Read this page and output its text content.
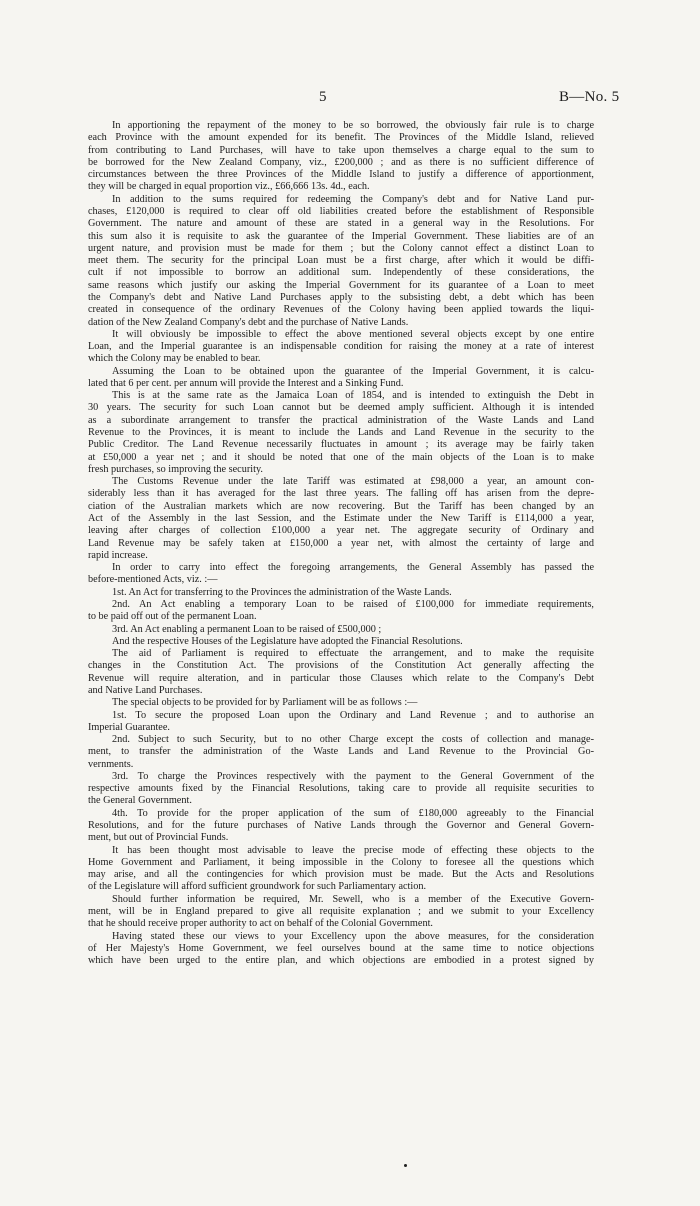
5	B—No. 5
In apportioning the repayment of the money to be so borrowed, the obviously fair rule is to charge
each Province with the amount expended for its benefit. The Provinces of the Middle Island, relieved
from contributing to Land Purchases, will have to take upon themselves a charge equal to the sum to
be borrowed for the New Zealand Company, viz., £200,000 ; and as there is no sufficient difference of
circumstances between the three Provinces of the Middle Island to justify a difference of apportionment,
they will be charged in equal proportion viz., £66,666 13s. 4d., each.
In addition to the sums required for redeeming the Company's debt and for Native Land pur-
chases, £120,000 is required to clear off old liabilities created before the establishment of Responsible
Government. The nature and amount of these are stated in a general way in the Resolutions. For
this sum also it is requisite to ask the guarantee of the Imperial Government. These liabities are of an
urgent nature, and provision must be made for them ; but the Colony cannot effect a distinct Loan to
meet them. The security for the principal Loan must be a first charge, after which it would be diffi-
cult if not impossible to borrow an additional sum. Independently of these considerations, the
same reasons which justify our asking the Imperial Government for its guarantee of a Loan to meet
the Company's debt and Native Land Purchases apply to the subsisting debt, a debt which has been
created in consequence of the ordinary Revenues of the Colony having been applied towards the liqui-
dation of the New Zealand Company's debt and the purchase of Native Lands.
It will obviously be impossible to effect the above mentioned several objects except by one entire
Loan, and the Imperial guarantee is an indispensable condition for raising the money at a rate of interest
which the Colony may be enabled to bear.
Assuming the Loan to be obtained upon the guarantee of the Imperial Government, it is calcu-
lated that 6 per cent. per annum will provide the Interest and a Sinking Fund.
This is at the same rate as the Jamaica Loan of 1854, and is intended to extinguish the Debt in
30 years. The security for such Loan cannot but be deemed amply sufficient. Although it is intended
as a subordinate arrangement to transfer the practical administration of the Waste Lands and Land
Revenue to the Provinces, it is meant to include the Lands and Land Revenue in the security to the
Public Creditor. The Land Revenue necessarily fluctuates in amount ; its average may be fairly taken
at £50,000 a year net ; and it should be noted that one of the main objects of the Loan is to make
fresh purchases, so improving the security.
The Customs Revenue under the late Tariff was estimated at £98,000 a year, an amount con-
siderably less than it has averaged for the last three years. The falling off has arisen from the depre-
ciation of the Australian markets which are now recovering. But the Tariff has been changed by an
Act of the Assembly in the last Session, and the Estimate under the New Tariff is £114,000 a year,
leaving after charges of collection £100,000 a year net. The aggregate security of Ordinary and
Land Revenue may be safely taken at £150,000 a year net, with almost the certainty of large and
rapid increase.
In order to carry into effect the foregoing arrangements, the General Assembly has passed the
before-mentioned Acts, viz. :—
1st. An Act for transferring to the Provinces the administration of the Waste Lands.
2nd. An Act enabling a temporary Loan to be raised of £100,000 for immediate requirements,
to be paid off out of the permanent Loan.
3rd. An Act enabling a permanent Loan to be raised of £500,000 ;
And the respective Houses of the Legislature have adopted the Financial Resolutions.
The aid of Parliament is required to effectuate the arrangement, and to make the requisite
changes in the Constitution Act. The provisions of the Constitution Act generally affecting the
Revenue will require alteration, and in particular those Clauses which relate to the Company's Debt
and Native Land Purchases.
The special objects to be provided for by Parliament will be as follows :—
1st. To secure the proposed Loan upon the Ordinary and Land Revenue ; and to authorise an
Imperial Guarantee.
2nd. Subject to such Security, but to no other Charge except the costs of collection and manage-
ment, to transfer the administration of the Waste Lands and Land Revenue to the Provincial Go-
vernments.
3rd. To charge the Provinces respectively with the payment to the General Government of the
respective amounts fixed by the Financial Resolutions, taking care to provide all requisite securities to
the General Government.
4th. To provide for the proper application of the sum of £180,000 agreeably to the Financial
Resolutions, and for the future purchases of Native Lands through the Governor and General Govern-
ment, but out of Provincial Funds.
It has been thought most advisable to leave the precise mode of effecting these objects to the
Home Government and Parliament, it being impossible in the Colony to foresee all the questions which
may arise, and all the contingencies for which provision must be made. But the Acts and Resolutions
of the Legislature will afford sufficient groundwork for such Parliamentary action.
Should further information be required, Mr. Sewell, who is a member of the Executive Govern-
ment, will be in England prepared to give all requisite explanation ; and we submit to your Excellency
that he should receive proper authority to act on behalf of the Colonial Government.
Having stated these our views to your Excellency upon the above measures, for the consideration
of Her Majesty's Home Government, we feel ourselves bound at the same time to notice objections
which have been urged to the entire plan, and which objections are embodied in a protest signed by
